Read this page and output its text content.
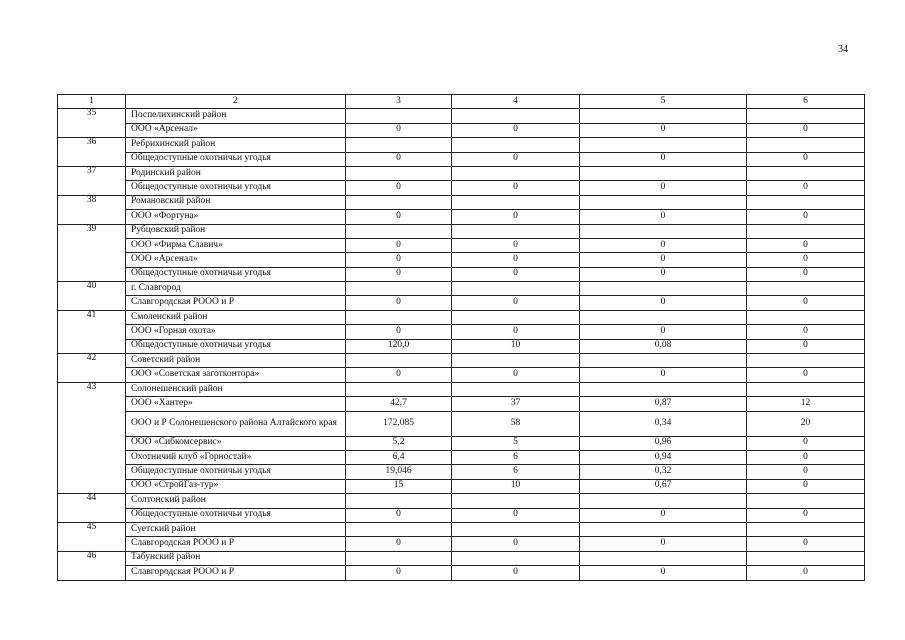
34
1	2	3	4	5	6
35	Поспелихинский район				
	ООО «Арсенал»	0	0	0	0
36	Ребрихинский район				
	Общедоступные охотничьи угодья	0	0	0	0
37	Родинский район				
	Общедоступные охотничьи угодья	0	0	0	0
38	Романовский район				
	ООО «Фортуна»	0	0	0	0
39	Рубцовский район				
	ООО «Фирма Славич»	0	0	0	0
	ООО «Арсенал»	0	0	0	0
	Общедоступные охотничьи угодья	0	0	0	0
40	г. Славгород				
	Славгородская РООО и Р	0	0	0	0
41	Смоленский район				
	ООО «Горная охота»	0	0	0	0
	Общедоступные охотничьи угодья	120,0	10	0,08	0
42	Советский район				
	ООО «Советская заготконтора»	0	0	0	0
43	Солонешенский район				
	ООО «Хантер»	42,7	37	0,87	12
	ООО и Р Солонешенского района Алтайского края	172,085	58	0,34	20
	ООО «Сибкомсервис»	5,2	5	0,96	0
	Охотничий клуб «Горностай»	6,4	6	0,94	0
	Общедоступные охотничьи угодья	19,046	6	0,32	0
	ООО «СтройГаз-тур»	15	10	0,67	0
44	Солтонский район				
	Общедоступные охотничьи угодья	0	0	0	0
45	Суетский район				
	Славгородская РООО и Р	0	0	0	0
46	Табунский район				
	Славгородская РООО и Р	0	0	0	0
